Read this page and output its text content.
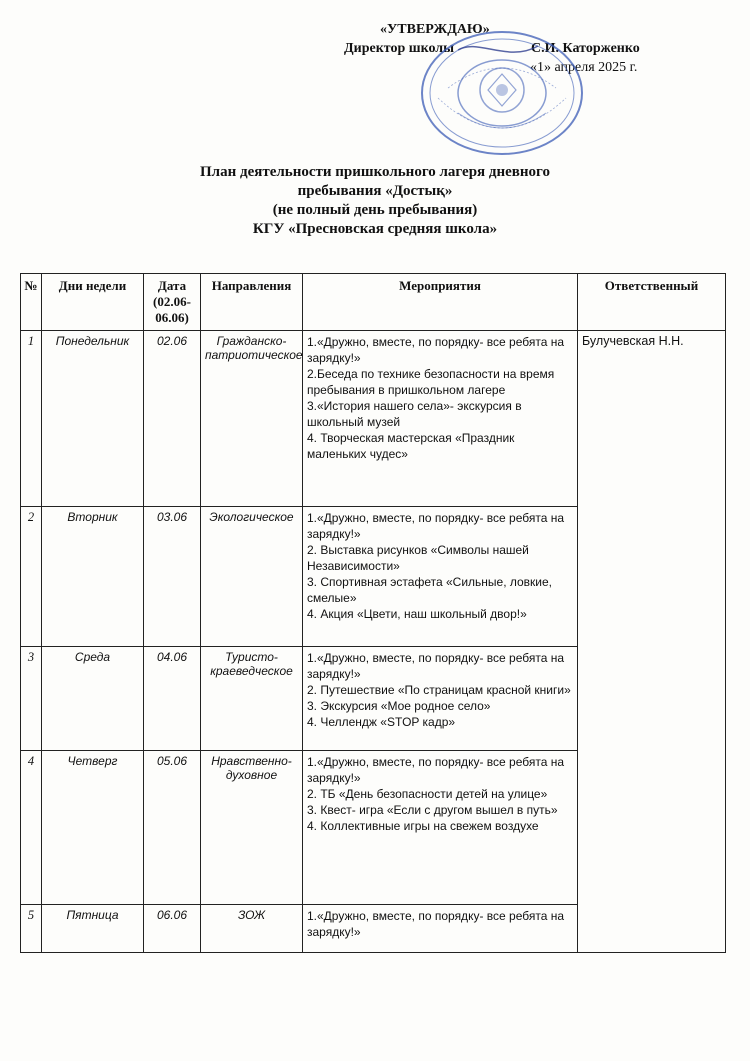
«УТВЕРЖДАЮ»
Директор школы	С.И. Каторженко
«1» апреля 2025 г.
План деятельности пришкольного лагеря дневного
пребывания «Достық»
(не полный день пребывания)
КГУ «Пресновская средняя школа»
№	Дни недели	Дата (02.06-06.06)	Направления	Мероприятия	Ответственный
1	Понедельник	02.06	Гражданско-патриотическое	1.«Дружно, вместе, по порядку- все ребята на зарядку!»
2.Беседа по технике безопасности на время пребывания в пришкольном лагере
3.«История нашего села»- экскурсия в школьный музей
4. Творческая мастерская «Праздник маленьких чудес»	Булучевская Н.Н.
2	Вторник	03.06	Экологическое	1.«Дружно, вместе, по порядку- все ребята на зарядку!»
2. Выставка рисунков «Символы нашей Независимости»
3. Спортивная эстафета «Сильные, ловкие, смелые»
4. Акция «Цвети, наш школьный двор!»	

3	Среда	04.06	Туристо-краеведческое	1.«Дружно, вместе, по порядку- все ребята на зарядку!»
2. Путешествие «По страницам красной книги»
3. Экскурсия «Мое родное село»
4. Челлендж «STOP кадр»	

4	Четверг	05.06	Нравственно-духовное	1.«Дружно, вместе, по порядку- все ребята на зарядку!»
2. ТБ «День безопасности детей на улице»
3. Квест- игра «Если с другом вышел в путь»
4. Коллективные игры на свежем воздухе	

5	Пятница	06.06	ЗОЖ	1.«Дружно, вместе, по порядку- все ребята на зарядку!»	
